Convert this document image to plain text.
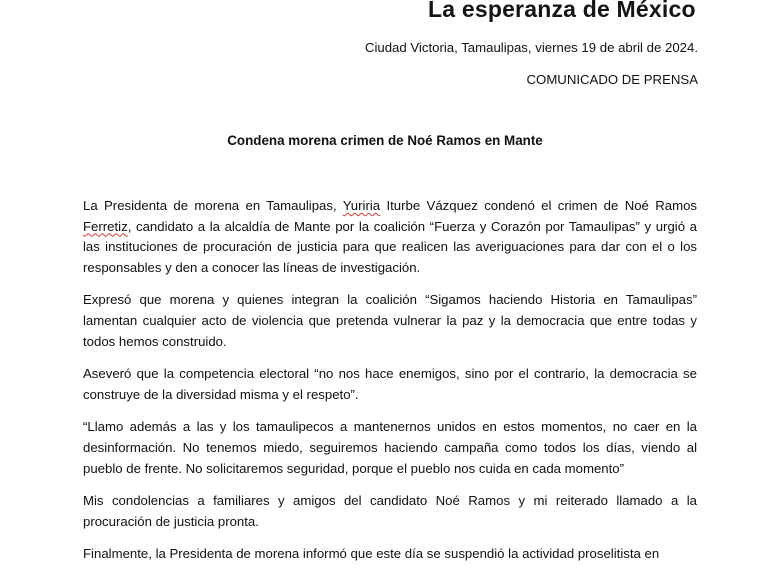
La esperanza de México
Ciudad Victoria, Tamaulipas, viernes 19 de abril de 2024.
COMUNICADO DE PRENSA
Condena morena crimen de Noé Ramos en Mante

La Presidenta de morena en Tamaulipas, Yuriria Iturbe Vázquez condenó el crimen de Noé Ramos Ferretiz, candidato a la alcaldía de Mante por la coalición “Fuerza y Corazón por Tamaulipas” y urgió a las instituciones de procuración de justicia para que realicen las averiguaciones para dar con el o los responsables y den a conocer las líneas de investigación.

Expresó que morena y quienes integran la coalición “Sigamos haciendo Historia en Tamaulipas” lamentan cualquier acto de violencia que pretenda vulnerar la paz y la democracia que entre todas y todos hemos construido.

Aseveró que la competencia electoral “no nos hace enemigos, sino por el contrario, la democracia se construye de la diversidad misma y el respeto”.

“Llamo además a las y los tamaulipecos a mantenernos unidos en estos momentos, no caer en la desinformación. No tenemos miedo, seguiremos haciendo campaña como todos los días, viendo al pueblo de frente. No solicitaremos seguridad, porque el pueblo nos cuida en cada momento”

Mis condolencias a familiares y amigos del candidato Noé Ramos y mi reiterado llamado a la procuración de justicia pronta.

Finalmente, la Presidenta de morena informó que este día se suspendió la actividad proselitista en
